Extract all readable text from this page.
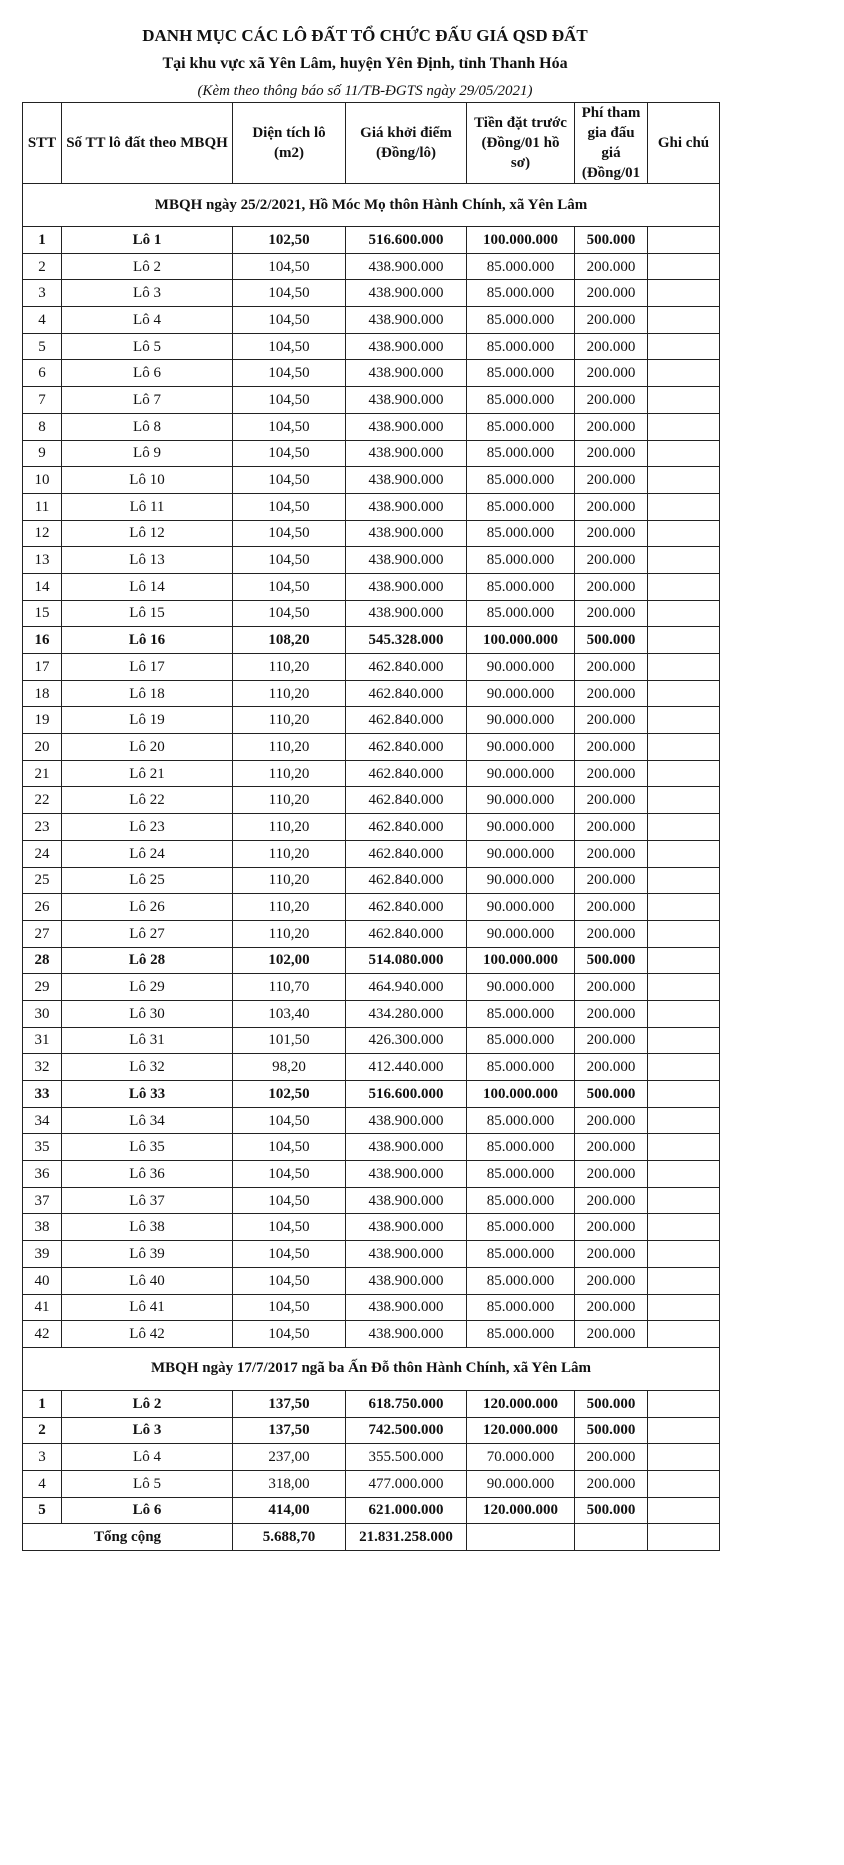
DANH MỤC CÁC LÔ ĐẤT TỔ CHỨC ĐẤU GIÁ QSD ĐẤT
Tại khu vực xã Yên Lâm, huyện Yên Định, tỉnh Thanh Hóa
(Kèm theo thông báo số 11/TB-ĐGTS ngày 29/05/2021)
STT	Số TT lô đất theo MBQH	Diện tích lô (m2)	Giá khởi điểm (Đồng/lô)	Tiền đặt trước (Đồng/01 hồ sơ)	Phí tham gia đấu giá (Đồng/01	Ghi chú
MBQH ngày 25/2/2021, Hồ Móc Mọ thôn Hành Chính, xã Yên Lâm						
1	Lô 1	102,50	516.600.000	100.000.000	500.000	
2	Lô 2	104,50	438.900.000	85.000.000	200.000	
3	Lô 3	104,50	438.900.000	85.000.000	200.000	
4	Lô 4	104,50	438.900.000	85.000.000	200.000	
5	Lô 5	104,50	438.900.000	85.000.000	200.000	
6	Lô 6	104,50	438.900.000	85.000.000	200.000	
7	Lô 7	104,50	438.900.000	85.000.000	200.000	
8	Lô 8	104,50	438.900.000	85.000.000	200.000	
9	Lô 9	104,50	438.900.000	85.000.000	200.000	
10	Lô 10	104,50	438.900.000	85.000.000	200.000	
11	Lô 11	104,50	438.900.000	85.000.000	200.000	
12	Lô 12	104,50	438.900.000	85.000.000	200.000	
13	Lô 13	104,50	438.900.000	85.000.000	200.000	
14	Lô 14	104,50	438.900.000	85.000.000	200.000	
15	Lô 15	104,50	438.900.000	85.000.000	200.000	
16	Lô 16	108,20	545.328.000	100.000.000	500.000	
17	Lô 17	110,20	462.840.000	90.000.000	200.000	
18	Lô 18	110,20	462.840.000	90.000.000	200.000	
19	Lô 19	110,20	462.840.000	90.000.000	200.000	
20	Lô 20	110,20	462.840.000	90.000.000	200.000	
21	Lô 21	110,20	462.840.000	90.000.000	200.000	
22	Lô 22	110,20	462.840.000	90.000.000	200.000	
23	Lô 23	110,20	462.840.000	90.000.000	200.000	
24	Lô 24	110,20	462.840.000	90.000.000	200.000	
25	Lô 25	110,20	462.840.000	90.000.000	200.000	
26	Lô 26	110,20	462.840.000	90.000.000	200.000	
27	Lô 27	110,20	462.840.000	90.000.000	200.000	
28	Lô 28	102,00	514.080.000	100.000.000	500.000	
29	Lô 29	110,70	464.940.000	90.000.000	200.000	
30	Lô 30	103,40	434.280.000	85.000.000	200.000	
31	Lô 31	101,50	426.300.000	85.000.000	200.000	
32	Lô 32	98,20	412.440.000	85.000.000	200.000	
33	Lô 33	102,50	516.600.000	100.000.000	500.000	
34	Lô 34	104,50	438.900.000	85.000.000	200.000	
35	Lô 35	104,50	438.900.000	85.000.000	200.000	
36	Lô 36	104,50	438.900.000	85.000.000	200.000	
37	Lô 37	104,50	438.900.000	85.000.000	200.000	
38	Lô 38	104,50	438.900.000	85.000.000	200.000	
39	Lô 39	104,50	438.900.000	85.000.000	200.000	
40	Lô 40	104,50	438.900.000	85.000.000	200.000	
41	Lô 41	104,50	438.900.000	85.000.000	200.000	
42	Lô 42	104,50	438.900.000	85.000.000	200.000	
MBQH ngày 17/7/2017 ngã ba Ấn Đỗ thôn Hành Chính, xã Yên Lâm						
1	Lô 2	137,50	618.750.000	120.000.000	500.000	
2	Lô 3	137,50	742.500.000	120.000.000	500.000	
3	Lô 4	237,00	355.500.000	70.000.000	200.000	
4	Lô 5	318,00	477.000.000	90.000.000	200.000	
5	Lô 6	414,00	621.000.000	120.000.000	500.000	
Tổng cộng		5.688,70	21.831.258.000			
